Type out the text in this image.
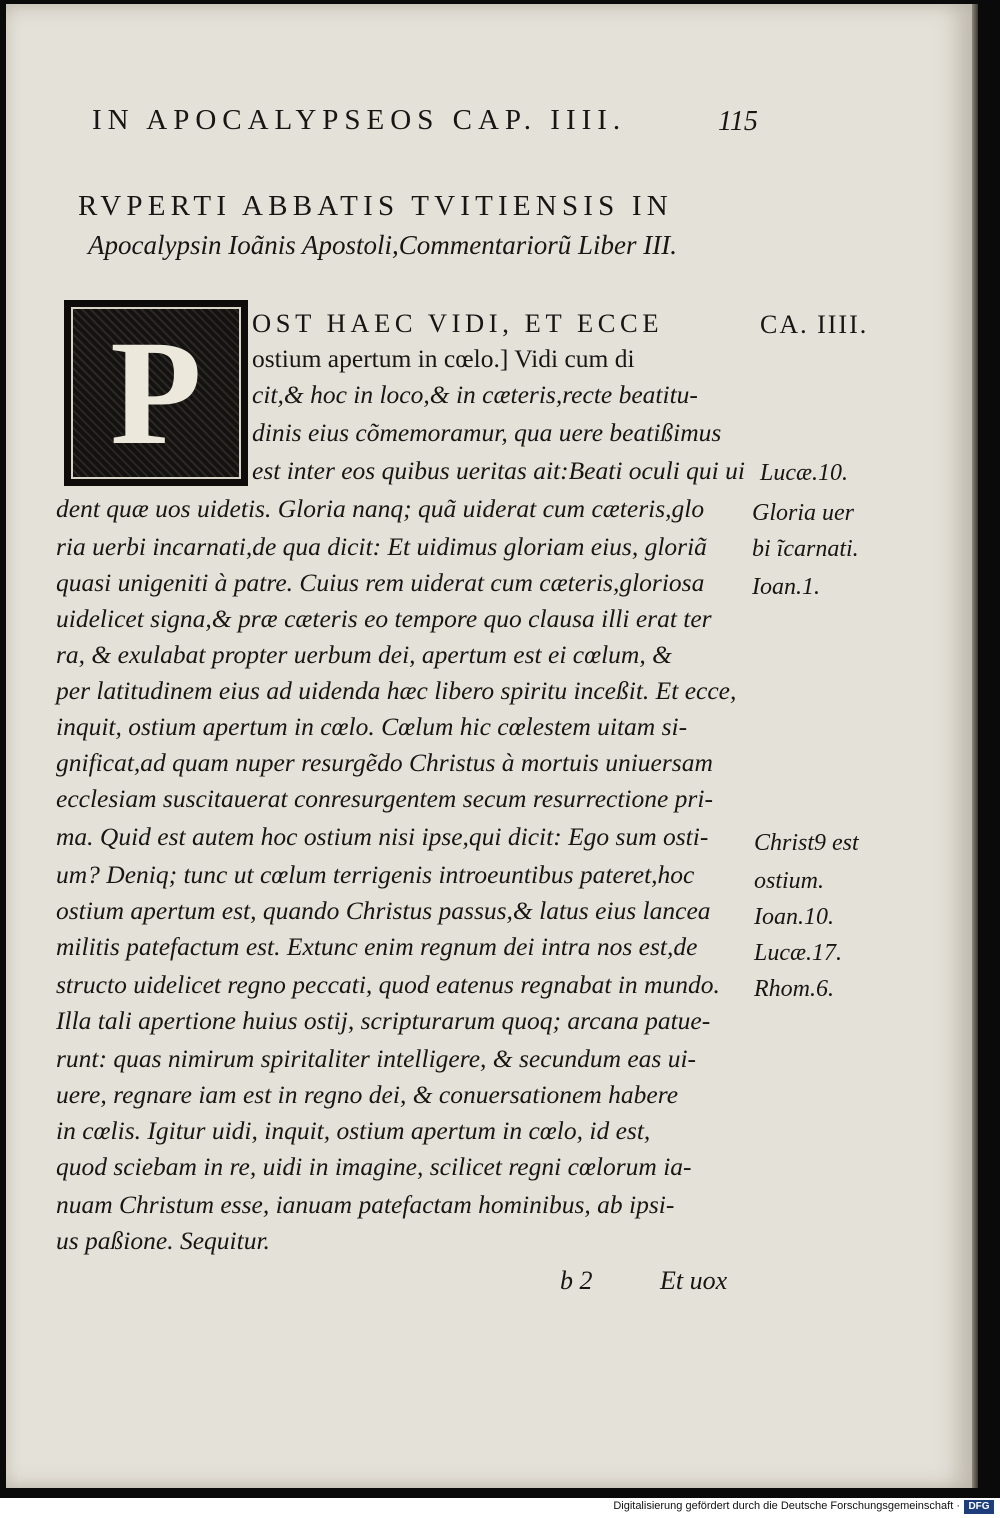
IN APOCALYPSEOS CAP. IIII.	115
RVPERTI ABBATIS TVITIENSIS IN
Apocalypsin Ioãnis Apostoli,Commentariorũ Liber III.
P	CA. IIII.
OST HAEC VIDI, ET ECCE
ostium apertum in cœlo.] Vidi cum di
cit,& hoc in loco,& in cæteris,recte beatitu-
dinis eius cõmemoramur, qua uere beatißimus
est inter eos quibus ueritas ait:Beati oculi qui ui
dent quæ uos uidetis. Gloria nanq; quã uiderat cum cæteris,glo
ria uerbi incarnati,de qua dicit: Et uidimus gloriam eius, gloriã
quasi unigeniti à patre. Cuius rem uiderat cum cæteris,gloriosa
uidelicet signa,& præ cæteris eo tempore quo clausa illi erat ter
ra, & exulabat propter uerbum dei, apertum est ei cœlum, &
per latitudinem eius ad uidenda hæc libero spiritu inceßit. Et ecce,
inquit, ostium apertum in cœlo. Cœlum hic cœlestem uitam si-
gnificat,ad quam nuper resurgẽdo Christus à mortuis uniuersam
ecclesiam suscitauerat conresurgentem secum resurrectione pri-
ma. Quid est autem hoc ostium nisi ipse,qui dicit: Ego sum osti-
um? Deniq; tunc ut cœlum terrigenis introeuntibus pateret,hoc
ostium apertum est, quando Christus passus,& latus eius lancea
militis patefactum est. Extunc enim regnum dei intra nos est,de
structo uidelicet regno peccati, quod eatenus regnabat in mundo.
Illa tali apertione huius ostij, scripturarum quoq; arcana patue-
runt: quas nimirum spiritaliter intelligere, & secundum eas ui-
uere, regnare iam est in regno dei, & conuersationem habere
in cœlis. Igitur uidi, inquit, ostium apertum in cœlo, id est,
quod sciebam in re, uidi in imagine, scilicet regni cœlorum ia-
nuam Christum esse, ianuam patefactam hominibus, ab ipsi-
us paßione. Sequitur.
Lucæ.10.
Gloria uer
bi ĩcarnati.
Ioan.1.
Christ9 est
ostium.
Ioan.10.
Lucæ.17.
Rhom.6.
b 2	Et uox
Digitalisierung gefördert durch die Deutsche Forschungsgemeinschaft · DFG
